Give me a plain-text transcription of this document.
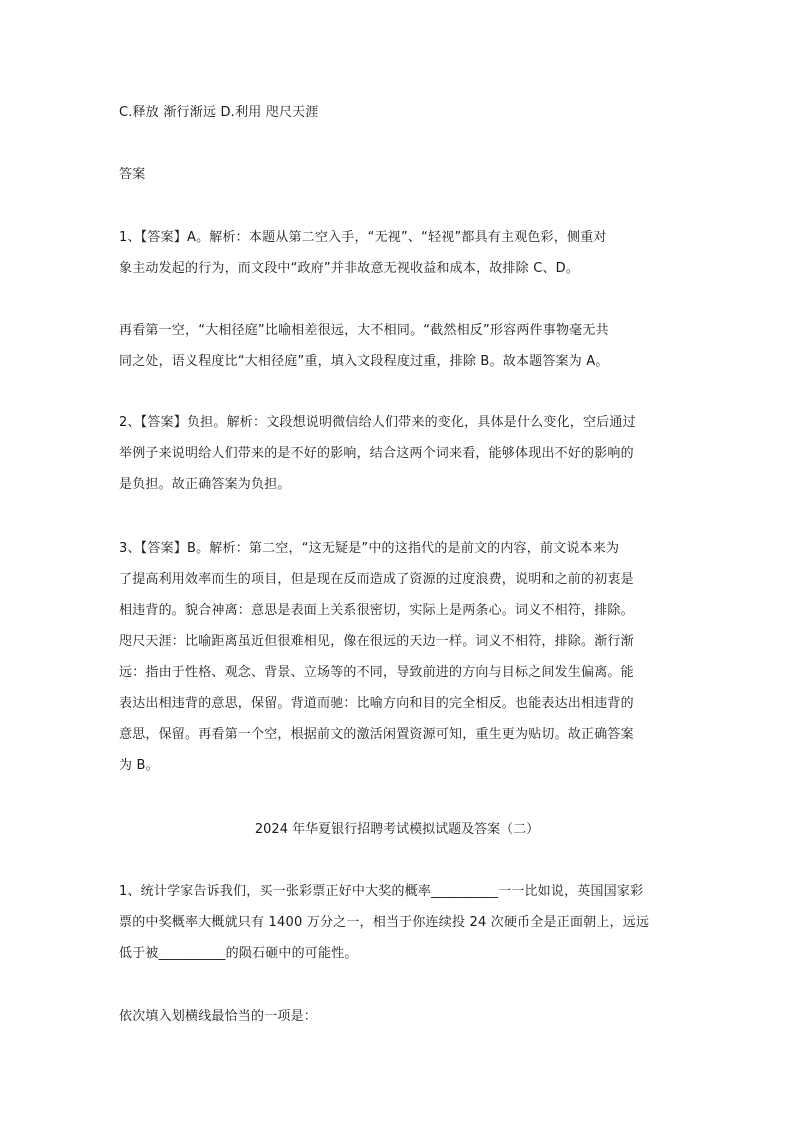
C.释放 渐行渐远 D.利用 咫尺天涯

答案

1、【答案】A。解析：本题从第二空入手，“无视”、“轻视”都具有主观色彩，侧重对
象主动发起的行为，而文段中“政府”并非故意无视收益和成本，故排除 C、D。

再看第一空，“大相径庭”比喻相差很远，大不相同。“截然相反”形容两件事物毫无共
同之处，语义程度比“大相径庭”重，填入文段程度过重，排除 B。故本题答案为 A。

2、【答案】负担。解析：文段想说明微信给人们带来的变化，具体是什么变化，空后通过
举例子来说明给人们带来的是不好的影响，结合这两个词来看，能够体现出不好的影响的
是负担。故正确答案为负担。

3、【答案】B。解析：第二空，“这无疑是”中的这指代的是前文的内容，前文说本来为
了提高利用效率而生的项目，但是现在反而造成了资源的过度浪费，说明和之前的初衷是
相违背的。貌合神离：意思是表面上关系很密切，实际上是两条心。词义不相符，排除。
咫尺天涯：比喻距离虽近但很难相见，像在很远的天边一样。词义不相符，排除。渐行渐
远：指由于性格、观念、背景、立场等的不同，导致前进的方向与目标之间发生偏离。能
表达出相违背的意思，保留。背道而驰：比喻方向和目的完全相反。也能表达出相违背的
意思，保留。再看第一个空，根据前文的激活闲置资源可知，重生更为贴切。故正确答案
为 B。

2024 年华夏银行招聘考试模拟试题及答案（二）

1、统计学家告诉我们，买一张彩票正好中大奖的概率__________一一比如说，英国国家彩
票的中奖概率大概就只有 1400 万分之一，相当于你连续投 24 次硬币全是正面朝上，远远
低于被__________的陨石砸中的可能性。

依次填入划横线最恰当的一项是：
